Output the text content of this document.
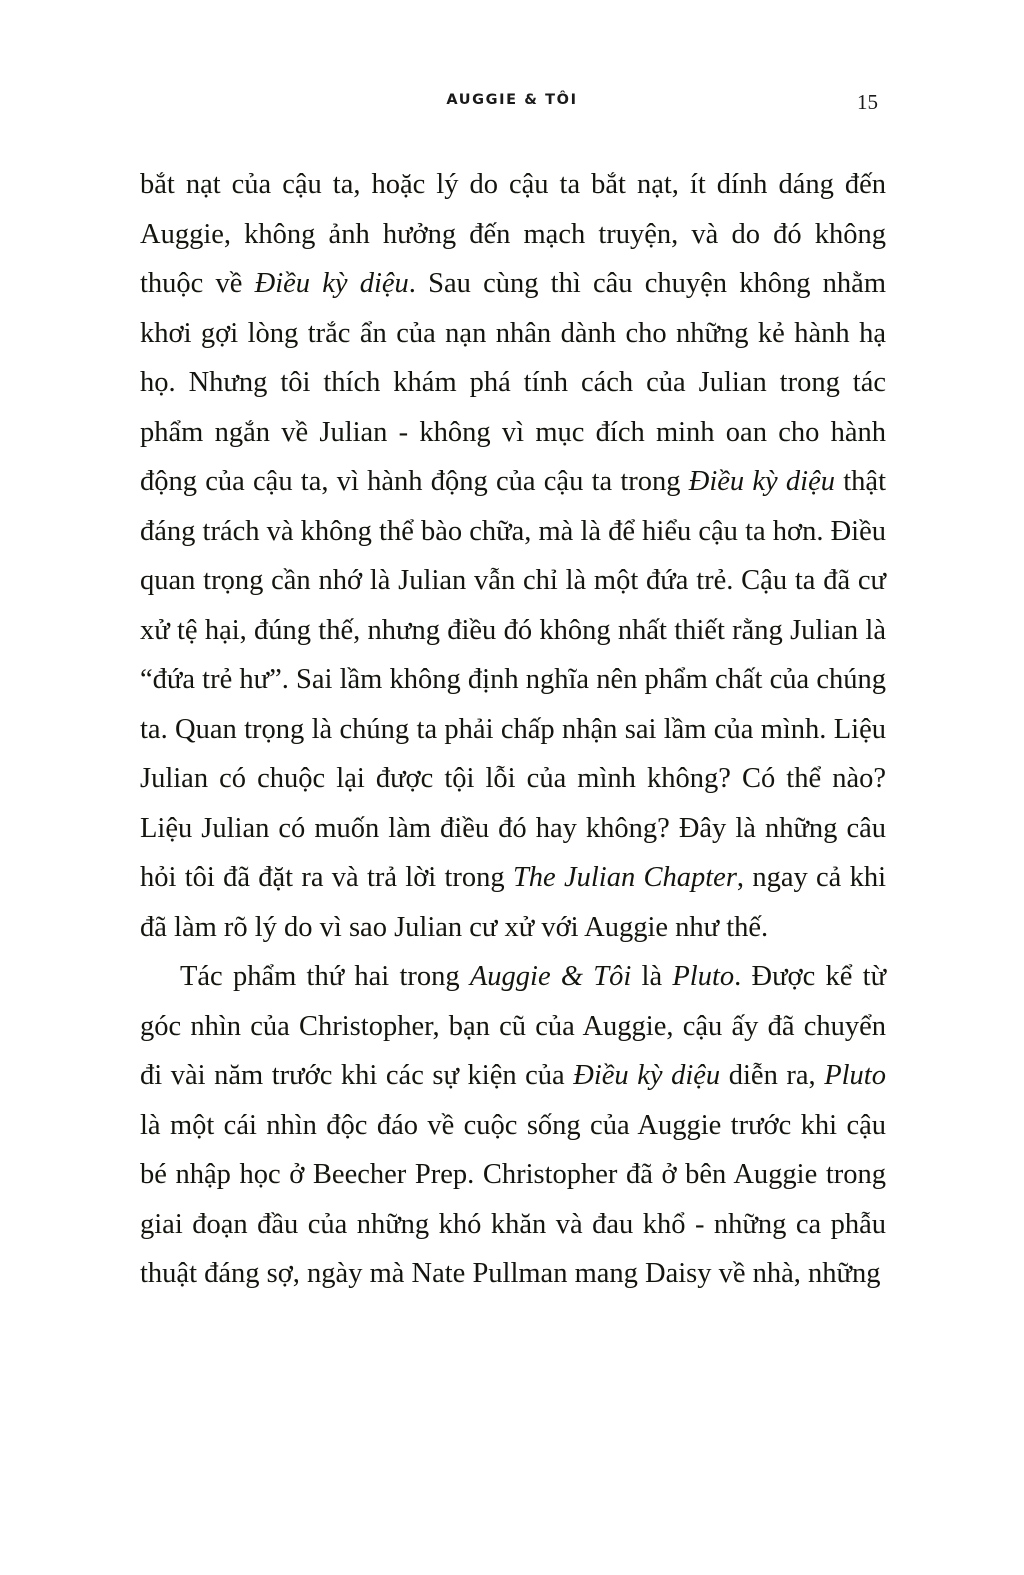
AUGGIE & TÔI	15

bắt nạt của cậu ta, hoặc lý do cậu ta bắt nạt, ít dính dáng đến Auggie, không ảnh hưởng đến mạch truyện, và do đó không thuộc về Điều kỳ diệu. Sau cùng thì câu chuyện không nhằm khơi gợi lòng trắc ẩn của nạn nhân dành cho những kẻ hành hạ họ. Nhưng tôi thích khám phá tính cách của Julian trong tác phẩm ngắn về Julian - không vì mục đích minh oan cho hành động của cậu ta, vì hành động của cậu ta trong Điều kỳ diệu thật đáng trách và không thể bào chữa, mà là để hiểu cậu ta hơn. Điều quan trọng cần nhớ là Julian vẫn chỉ là một đứa trẻ. Cậu ta đã cư xử tệ hại, đúng thế, nhưng điều đó không nhất thiết rằng Julian là “đứa trẻ hư”. Sai lầm không định nghĩa nên phẩm chất của chúng ta. Quan trọng là chúng ta phải chấp nhận sai lầm của mình. Liệu Julian có chuộc lại được tội lỗi của mình không? Có thể nào? Liệu Julian có muốn làm điều đó hay không? Đây là những câu hỏi tôi đã đặt ra và trả lời trong The Julian Chapter, ngay cả khi đã làm rõ lý do vì sao Julian cư xử với Auggie như thế.

Tác phẩm thứ hai trong Auggie & Tôi là Pluto. Được kể từ góc nhìn của Christopher, bạn cũ của Auggie, cậu ấy đã chuyển đi vài năm trước khi các sự kiện của Điều kỳ diệu diễn ra, Pluto là một cái nhìn độc đáo về cuộc sống của Auggie trước khi cậu bé nhập học ở Beecher Prep. Christopher đã ở bên Auggie trong giai đoạn đầu của những khó khăn và đau khổ - những ca phẫu thuật đáng sợ, ngày mà Nate Pullman mang Daisy về nhà, những
